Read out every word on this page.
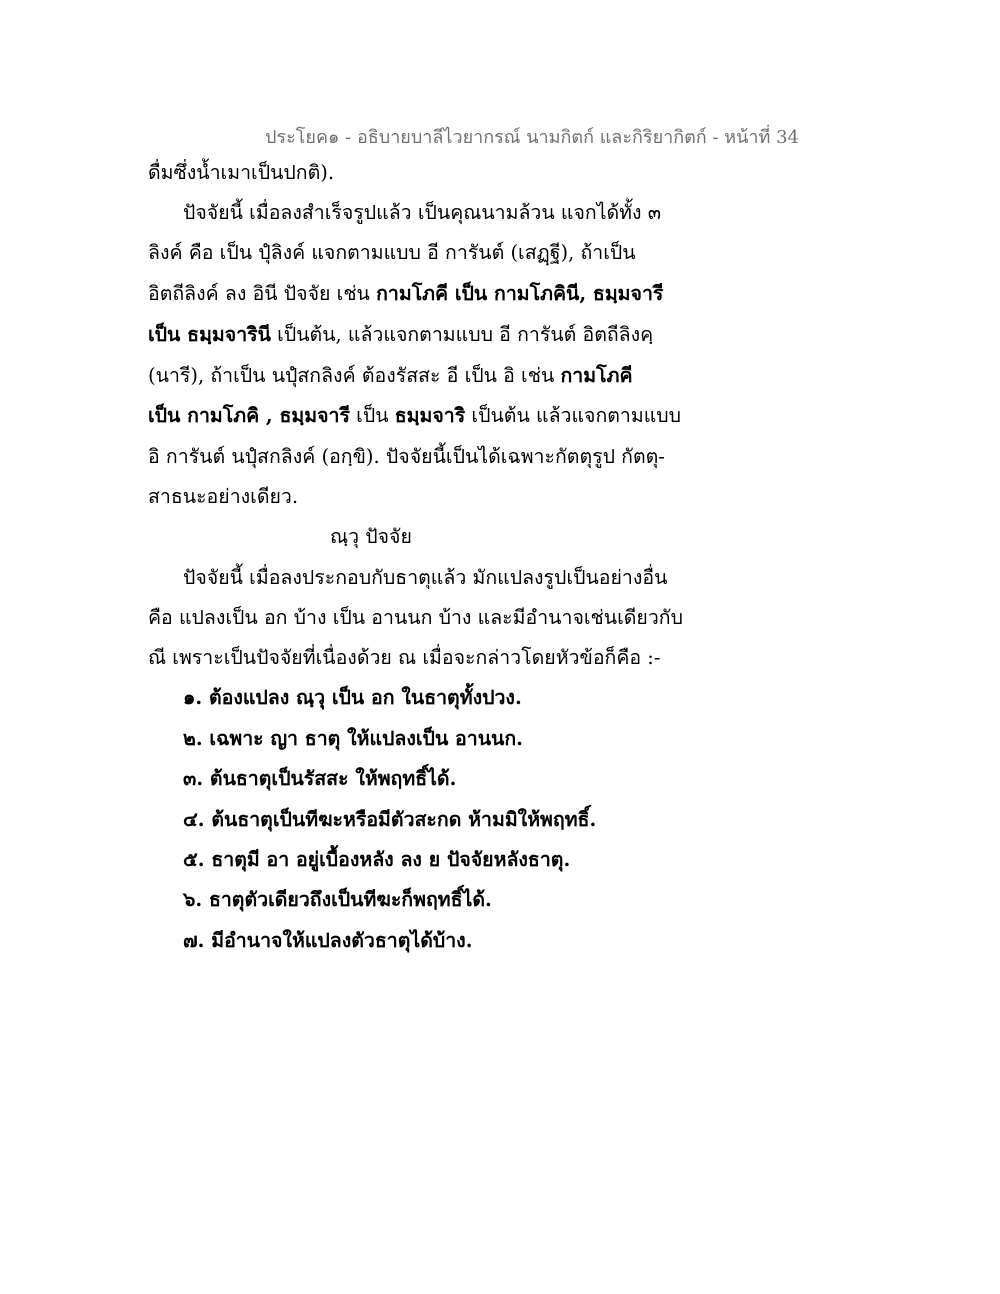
ประโยค๑ - อธิบายบาลีไวยากรณ์ นามกิตก์ และกิริยากิตก์ - หน้าที่ 34
ดื่มซึ่งน้ำเมาเป็นปกติ).
ปัจจัยนี้ เมื่อลงสำเร็จรูปแล้ว เป็นคุณนามล้วน แจกได้ทั้ง ๓
ลิงค์ คือ เป็น ปุํลิงค์ แจกตามแบบ อี การันต์ (เสฏฺฐี), ถ้าเป็น
อิตถีลิงค์ ลง อินี ปัจจัย เช่น กามโภคี เป็น กามโภคินี, ธมฺมจารี
เป็น ธมฺมจารินี เป็นต้น, แล้วแจกตามแบบ อี การันต์ อิตถีลิงคฺ
(นารี), ถ้าเป็น นปุํสกลิงค์ ต้องรัสสะ อี เป็น อิ เช่น กามโภคี
เป็น กามโภคิ , ธมฺมจารี เป็น ธมฺมจาริ เป็นต้น แล้วแจกตามแบบ
อิ การันต์ นปุํสกลิงค์ (อกฺขิ). ปัจจัยนี้เป็นได้เฉพาะกัตตุรูป กัตตุ-
สาธนะอย่างเดียว.
ณฺวุ ปัจจัย
ปัจจัยนี้ เมื่อลงประกอบกับธาตุแล้ว มักแปลงรูปเป็นอย่างอื่น
คือ แปลงเป็น อก บ้าง เป็น อานนก บ้าง และมีอำนาจเช่นเดียวกับ
ณี เพราะเป็นปัจจัยที่เนื่องด้วย ณ เมื่อจะกล่าวโดยหัวข้อก็คือ :-
๑. ต้องแปลง ณฺวุ เป็น อก ในธาตุทั้งปวง.
๒. เฉพาะ ญา ธาตุ ให้แปลงเป็น อานนก.
๓. ต้นธาตุเป็นรัสสะ ให้พฤทธิ์ได้.
๔. ต้นธาตุเป็นทีฆะหรือมีตัวสะกด ห้ามมิให้พฤทธิ์.
๕. ธาตุมี อา อยู่เบื้องหลัง ลง ย ปัจจัยหลังธาตุ.
๖. ธาตุตัวเดียวถึงเป็นทีฆะก็พฤทธิ์ได้.
๗. มีอำนาจให้แปลงตัวธาตุได้บ้าง.
